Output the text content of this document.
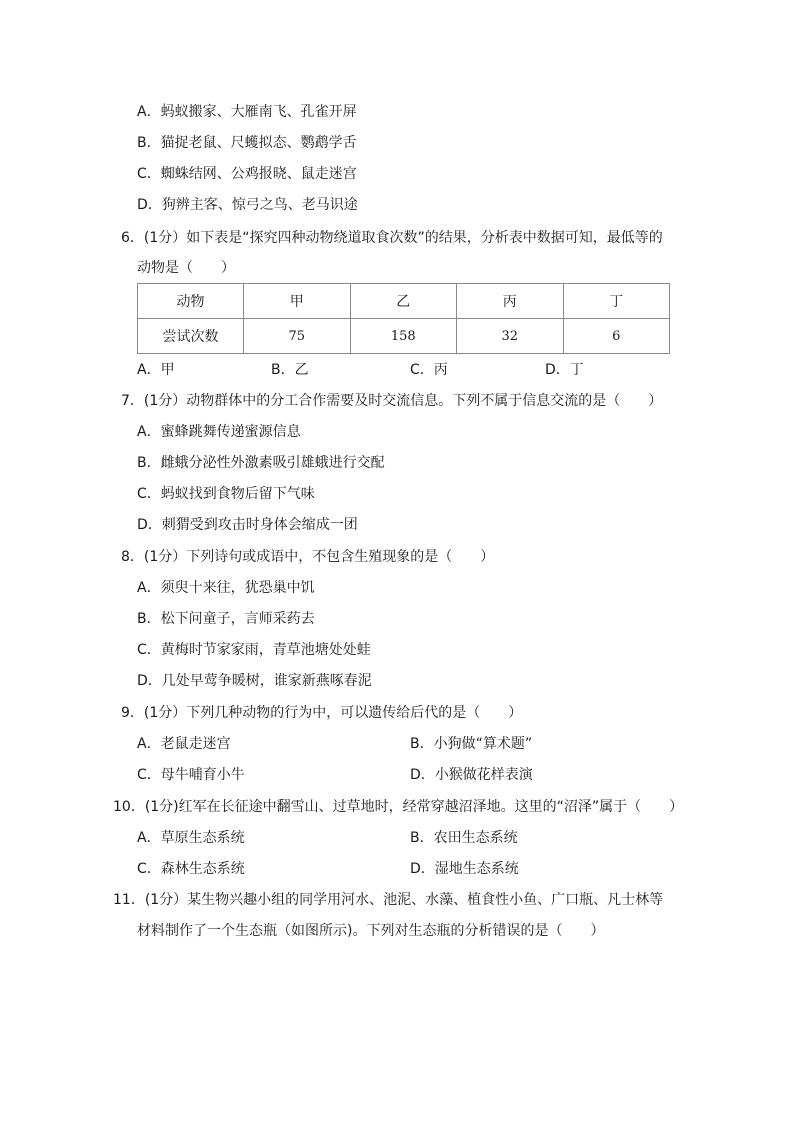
A．蚂蚁搬家、大雁南飞、孔雀开屏
B．猫捉老鼠、尺蠖拟态、鹦鹉学舌
C．蜘蛛结网、公鸡报晓、鼠走迷宫
D．狗辨主客、惊弓之鸟、老马识途
6．(1分）如下表是“探究四种动物绕道取食次数”的结果，分析表中数据可知，最低等的
动物是（　　）
动物	甲	乙	丙	丁
尝试次数	75	158	32	6
A．甲	B．乙	C．丙	D．丁
7．(1分）动物群体中的分工合作需要及时交流信息。下列不属于信息交流的是（　　）
A．蜜蜂跳舞传递蜜源信息
B．雌蛾分泌性外激素吸引雄蛾进行交配
C．蚂蚁找到食物后留下气味
D．刺猬受到攻击时身体会缩成一团
8．(1分）下列诗句或成语中，不包含生殖现象的是（　　）
A．须臾十来往，犹恐巢中饥
B．松下问童子，言师采药去
C．黄梅时节家家雨，青草池塘处处蛙
D．几处早莺争暖树，谁家新燕啄春泥
9．(1分）下列几种动物的行为中，可以遗传给后代的是（　　）
A．老鼠走迷宫	B．小狗做“算术题”
C．母牛哺育小牛	D．小猴做花样表演
10．(1分)红军在长征途中翻雪山、过草地时，经常穿越沼泽地。这里的“沼泽”属于（　　）
A．草原生态系统	B．农田生态系统
C．森林生态系统	D．湿地生态系统
11．(1分）某生物兴趣小组的同学用河水、池泥、水藻、植食性小鱼、广口瓶、凡士林等
材料制作了一个生态瓶（如图所示)。下列对生态瓶的分析错误的是（　　）
